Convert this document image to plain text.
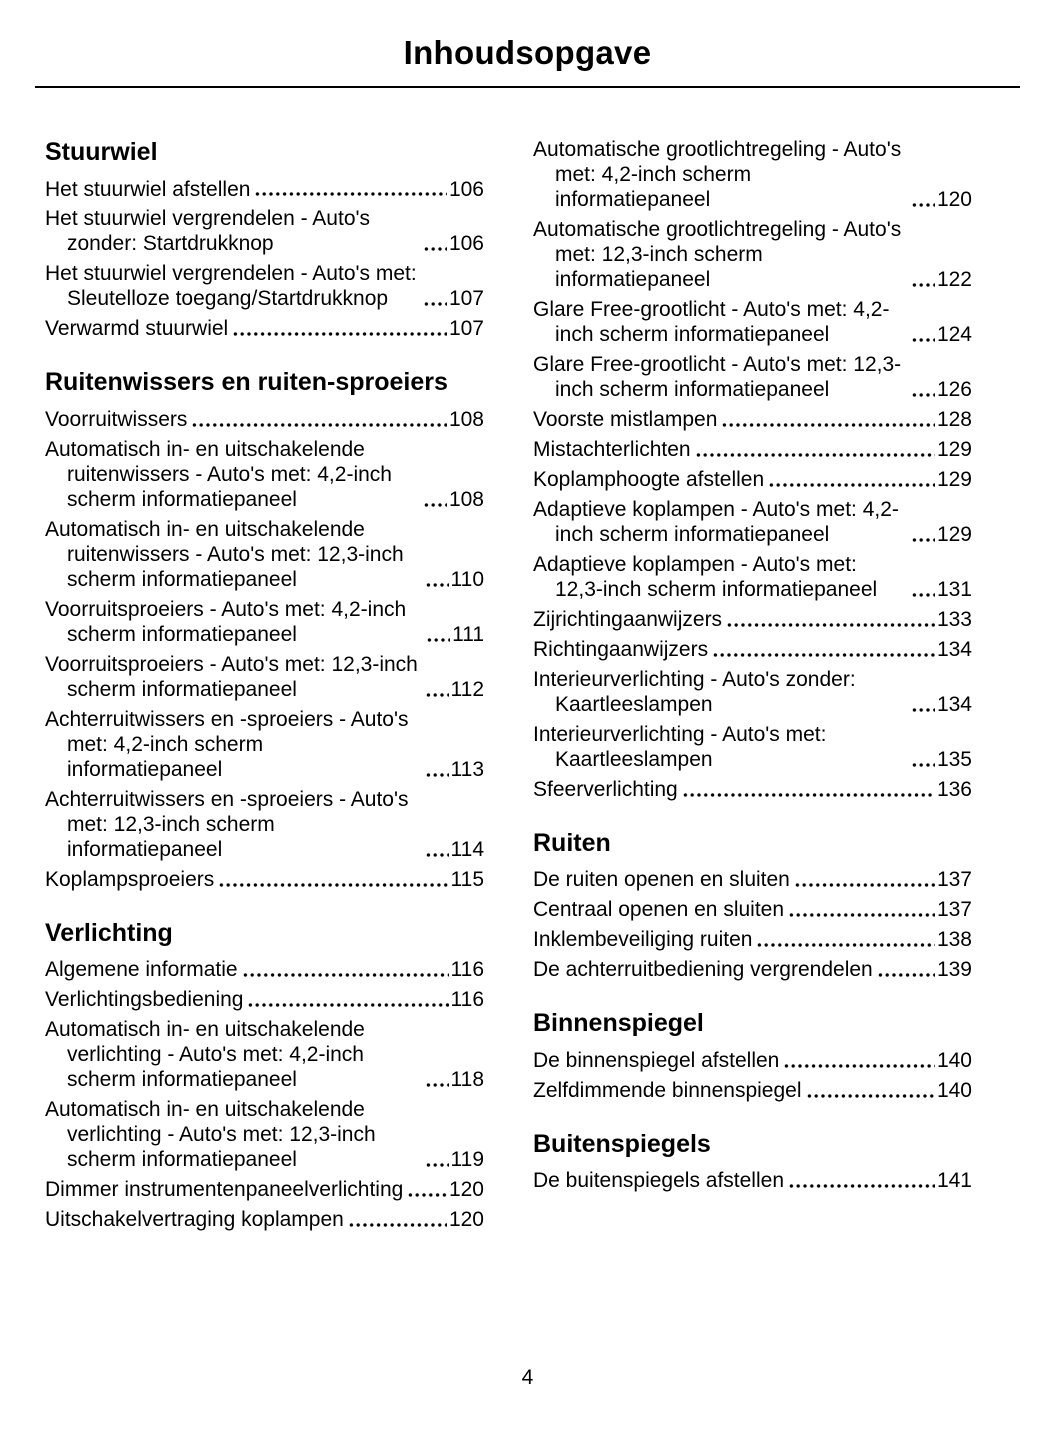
Inhoudsopgave
Stuurwiel
Het stuurwiel afstellen	106
Het stuurwiel vergrendelen - Auto's zonder: Startdrukknop	106
Het stuurwiel vergrendelen - Auto's met: Sleutelloze toegang/Startdrukknop	107
Verwarmd stuurwiel	107
Ruitenwissers en ruiten-sproeiers
Voorruitwissers	108
Automatisch in- en uitschakelende ruitenwissers - Auto's met: 4,2-inch scherm informatiepaneel	108
Automatisch in- en uitschakelende ruitenwissers - Auto's met: 12,3-inch scherm informatiepaneel	110
Voorruitsproeiers - Auto's met: 4,2-inch scherm informatiepaneel	111
Voorruitsproeiers - Auto's met: 12,3-inch scherm informatiepaneel	112
Achterruitwissers en -sproeiers - Auto's met: 4,2-inch scherm informatiepaneel	113
Achterruitwissers en -sproeiers - Auto's met: 12,3-inch scherm informatiepaneel	114
Koplampsproeiers	115
Verlichting
Algemene informatie	116
Verlichtingsbediening	116
Automatisch in- en uitschakelende verlichting - Auto's met: 4,2-inch scherm informatiepaneel	118
Automatisch in- en uitschakelende verlichting - Auto's met: 12,3-inch scherm informatiepaneel	119
Dimmer instrumentenpaneelverlichting 120
Uitschakelvertraging koplampen	120
Automatische grootlichtregeling - Auto's met: 4,2-inch scherm informatiepaneel	120
Automatische grootlichtregeling - Auto's met: 12,3-inch scherm informatiepaneel	122
Glare Free-grootlicht - Auto's met: 4,2-inch scherm informatiepaneel	124
Glare Free-grootlicht - Auto's met: 12,3-inch scherm informatiepaneel	126
Voorste mistlampen	128
Mistachterlichten	129
Koplamphoogte afstellen	129
Adaptieve koplampen - Auto's met: 4,2-inch scherm informatiepaneel	129
Adaptieve koplampen - Auto's met: 12,3-inch scherm informatiepaneel	131
Zijrichtingaanwijzers	133
Richtingaanwijzers	134
Interieurverlichting - Auto's zonder: Kaartleeslampen	134
Interieurverlichting - Auto's met: Kaartleeslampen	135
Sfeerverlichting	136
Ruiten
De ruiten openen en sluiten	137
Centraal openen en sluiten	137
Inklembeveiliging ruiten	138
De achterruitbediening vergrendelen	139
Binnenspiegel
De binnenspiegel afstellen	140
Zelfdimmende binnenspiegel	140
Buitenspiegels
De buitenspiegels afstellen	141
4
